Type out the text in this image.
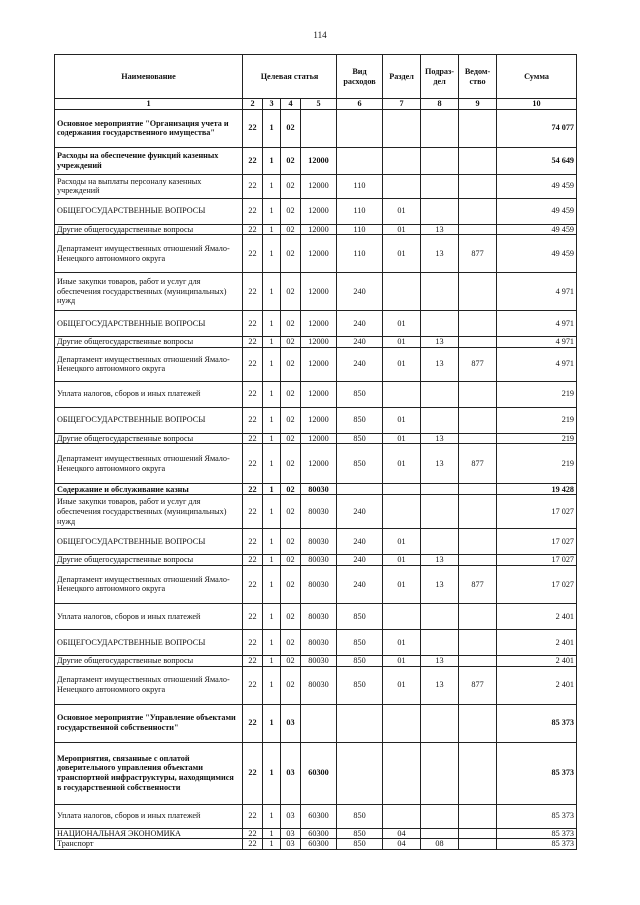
114
Наименование	Целевая статья				Вид расходов	Раздел	Подраз-дел	Ведом-ство	Сумма
1	2	3	4	5	6	7	8	9	10
Основное мероприятие "Организация учета и содержания государственного имущества"	22	1	02						74 077
Расходы на обеспечение функций казенных учреждений	22	1	02	12000					54 649
Расходы на выплаты персоналу казенных учреждений	22	1	02	12000	110				49 459
ОБЩЕГОСУДАРСТВЕННЫЕ ВОПРОСЫ	22	1	02	12000	110	01			49 459
Другие общегосударственные вопросы	22	1	02	12000	110	01	13		49 459
Департамент имущественных отношений Ямало-Ненецкого автономного округа	22	1	02	12000	110	01	13	877	49 459
Иные закупки товаров, работ и услуг для обеспечения государственных (муниципальных) нужд	22	1	02	12000	240				4 971
ОБЩЕГОСУДАРСТВЕННЫЕ ВОПРОСЫ	22	1	02	12000	240	01			4 971
Другие общегосударственные вопросы	22	1	02	12000	240	01	13		4 971
Департамент имущественных отношений Ямало-Ненецкого автономного округа	22	1	02	12000	240	01	13	877	4 971
Уплата налогов, сборов и иных платежей	22	1	02	12000	850				219
ОБЩЕГОСУДАРСТВЕННЫЕ ВОПРОСЫ	22	1	02	12000	850	01			219
Другие общегосударственные вопросы	22	1	02	12000	850	01	13		219
Департамент имущественных отношений Ямало-Ненецкого автономного округа	22	1	02	12000	850	01	13	877	219
Содержание и обслуживание казны	22	1	02	80030					19 428
Иные закупки товаров, работ и услуг для обеспечения государственных (муниципальных) нужд	22	1	02	80030	240				17 027
ОБЩЕГОСУДАРСТВЕННЫЕ ВОПРОСЫ	22	1	02	80030	240	01			17 027
Другие общегосударственные вопросы	22	1	02	80030	240	01	13		17 027
Департамент имущественных отношений Ямало-Ненецкого автономного округа	22	1	02	80030	240	01	13	877	17 027
Уплата налогов, сборов и иных платежей	22	1	02	80030	850				2 401
ОБЩЕГОСУДАРСТВЕННЫЕ ВОПРОСЫ	22	1	02	80030	850	01			2 401
Другие общегосударственные вопросы	22	1	02	80030	850	01	13		2 401
Департамент имущественных отношений Ямало-Ненецкого автономного округа	22	1	02	80030	850	01	13	877	2 401
Основное мероприятие "Управление объектами государственной собственности"	22	1	03						85 373
Мероприятия, связанные с оплатой доверительного управления объектами транспортной инфраструктуры, находящимися в государственной собственности	22	1	03	60300					85 373
Уплата налогов, сборов и иных платежей	22	1	03	60300	850				85 373
НАЦИОНАЛЬНАЯ ЭКОНОМИКА	22	1	03	60300	850	04			85 373
Транспорт	22	1	03	60300	850	04	08		85 373
